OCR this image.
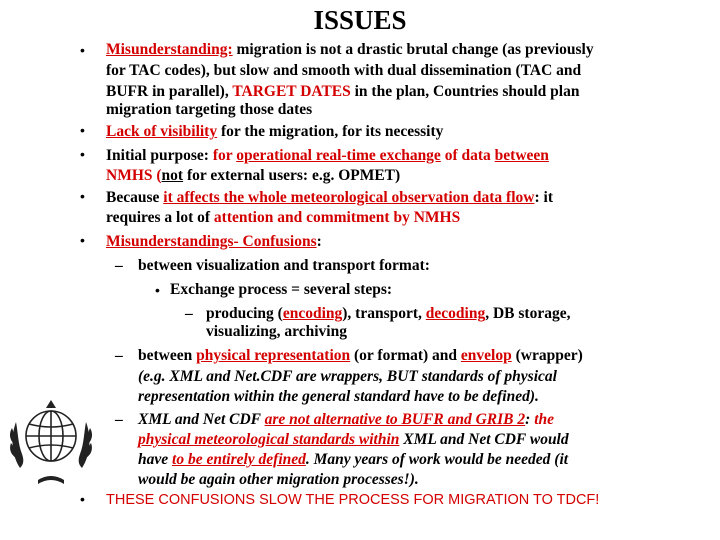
ISSUES
•
•
•
•
•
•
Misunderstanding: migration is not a drastic brutal change (as previously
for TAC codes), but slow and smooth with dual dissemination (TAC and
BUFR in parallel), TARGET DATES in the plan, Countries should plan
migration targeting those dates
Lack of visibility for the migration, for its necessity
Initial purpose: for operational real-time exchange of data between
NMHS (not for external users: e.g. OPMET)
Because it affects the whole meteorological observation data flow: it
requires a lot of attention and commitment by NMHS
Misunderstandings- Confusions:
– between visualization and transport format:
• Exchange process = several steps:
– producing (encoding), transport, decoding, DB storage,
visualizing, archiving
– between physical representation (or format) and envelop (wrapper)
(e.g. XML and Net.CDF are wrappers, BUT standards of physical
representation within the general standard have to be defined).
– XML and Net CDF are not alternative to BUFR and GRIB 2: the
physical meteorological standards within XML and Net CDF would
have to be entirely defined. Many years of work would be needed (it
would be again other migration processes!).
THESE CONFUSIONS SLOW THE PROCESS FOR MIGRATION TO TDCF!
